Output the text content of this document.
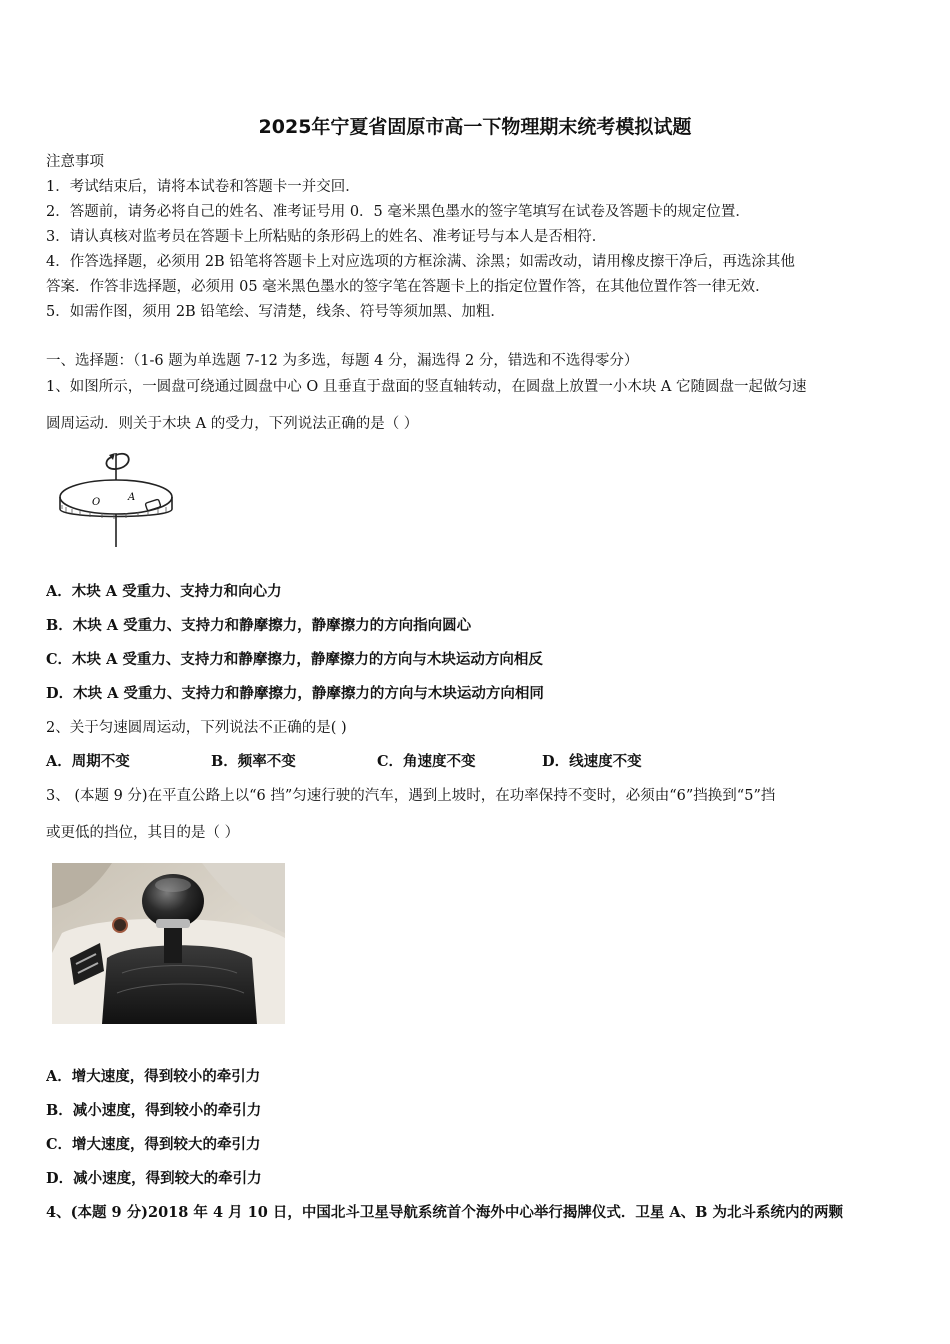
2025年宁夏省固原市高一下物理期末统考模拟试题
注意事项
1．考试结束后，请将本试卷和答题卡一并交回．
2．答题前，请务必将自己的姓名、准考证号用 0．5 毫米黑色墨水的签字笔填写在试卷及答题卡的规定位置．
3．请认真核对监考员在答题卡上所粘贴的条形码上的姓名、准考证号与本人是否相符．
4．作答选择题，必须用 2B 铅笔将答题卡上对应选项的方框涂满、涂黑；如需改动，请用橡皮擦干净后，再选涂其他
答案．作答非选择题，必须用 05 毫米黑色墨水的签字笔在答题卡上的指定位置作答，在其他位置作答一律无效．
5．如需作图，须用 2B 铅笔绘、写清楚，线条、符号等须加黑、加粗．
一、选择题：（1-6 题为单选题 7-12 为多选，每题 4 分，漏选得 2 分，错选和不选得零分）
1、如图所示，一圆盘可绕通过圆盘中心 O 且垂直于盘面的竖直轴转动，在圆盘上放置一小木块 A 它随圆盘一起做匀速
圆周运动．则关于木块 A 的受力，下列说法正确的是（ ）
O	A
A．木块 A 受重力、支持力和向心力
B．木块 A 受重力、支持力和静摩擦力，静摩擦力的方向指向圆心
C．木块 A 受重力、支持力和静摩擦力，静摩擦力的方向与木块运动方向相反
D．木块 A 受重力、支持力和静摩擦力，静摩擦力的方向与木块运动方向相同
2、关于匀速圆周运动，下列说法不正确的是( )
A．周期不变	B．频率不变	C．角速度不变	D．线速度不变
3、 (本题 9 分)在平直公路上以“6 挡”匀速行驶的汽车，遇到上坡时，在功率保持不变时，必须由“6”挡换到“5”挡
或更低的挡位，其目的是（ ）
A．增大速度，得到较小的牵引力
B．减小速度，得到较小的牵引力
C．增大速度，得到较大的牵引力
D．减小速度，得到较大的牵引力
4、(本题 9 分)2018 年 4 月 10 日，中国北斗卫星导航系统首个海外中心举行揭牌仪式．卫星 A、B 为北斗系统内的两颗
